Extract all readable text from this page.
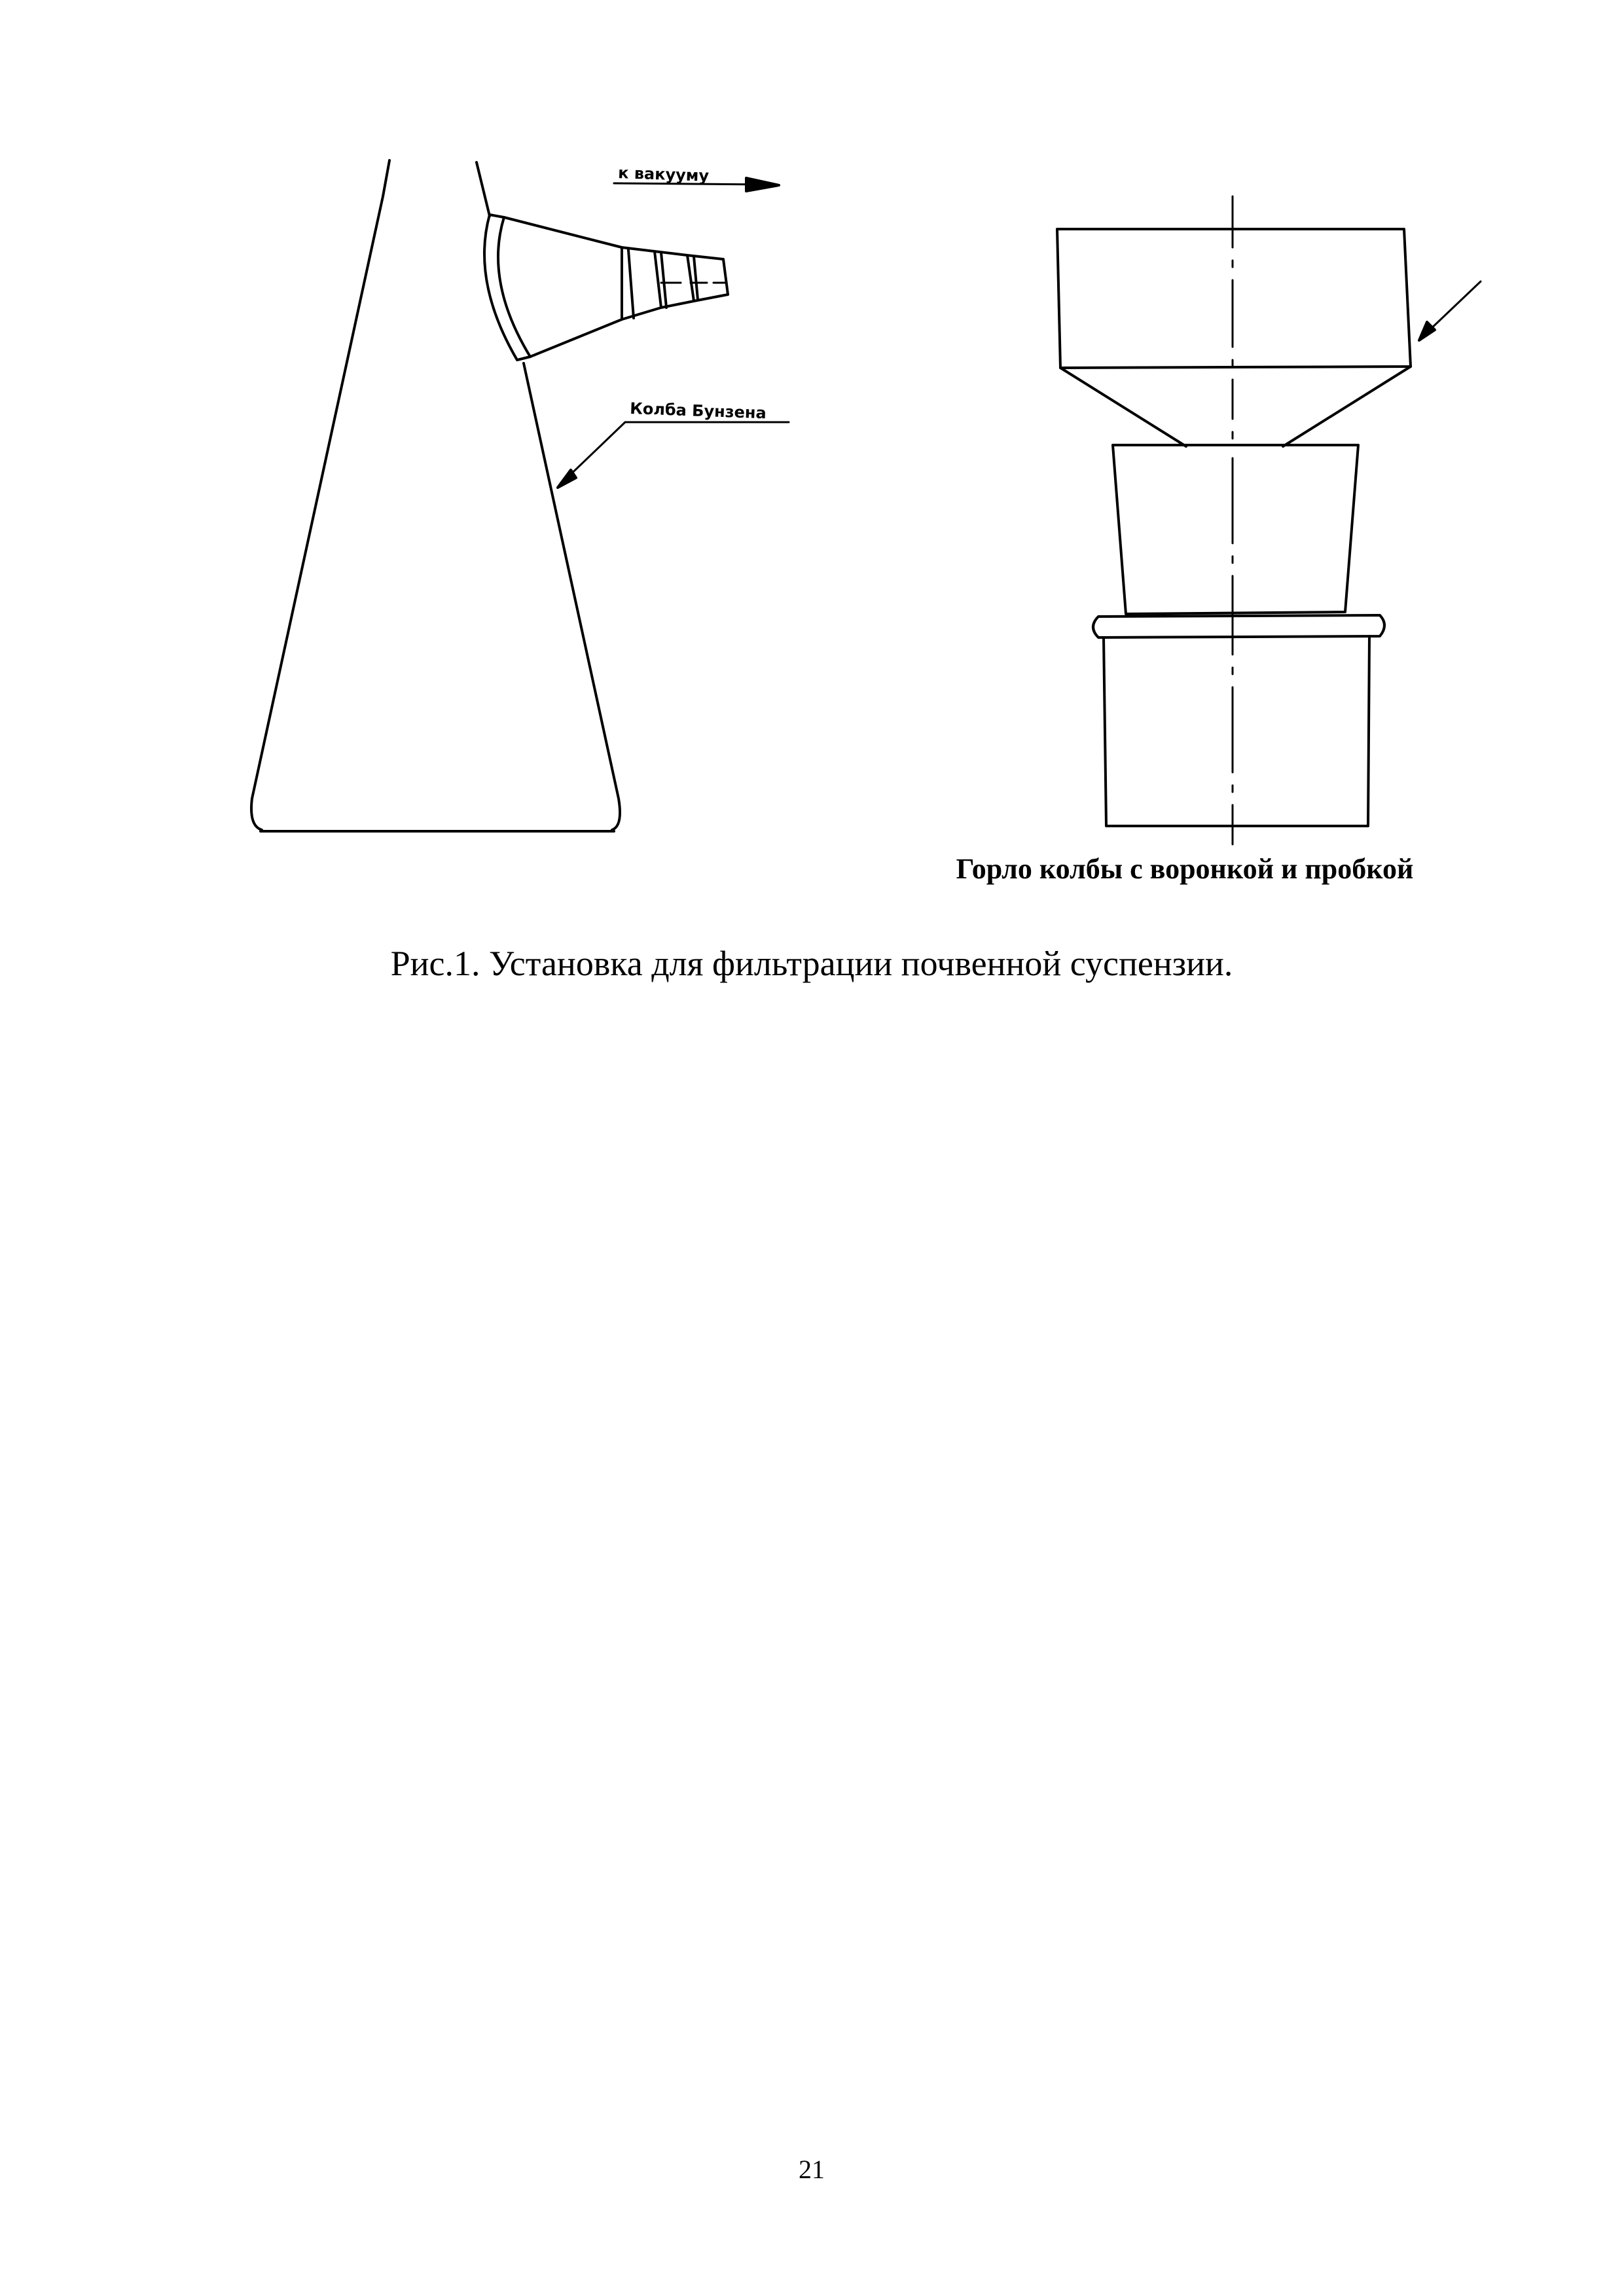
к вакууму
Колба Бунзена
Горло колбы с воронкой и пробкой
Рис.1. Установка для фильтрации почвенной суспензии.
21
